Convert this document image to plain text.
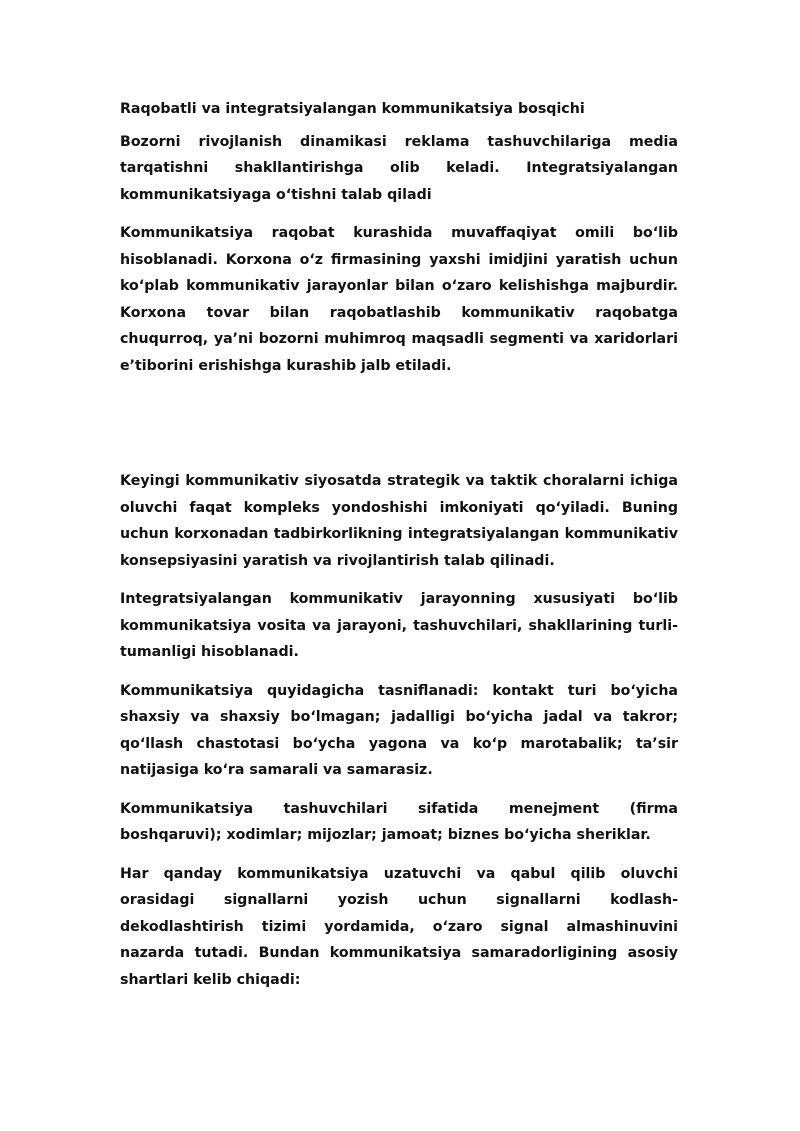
Raqobatli va integratsiyalangan kommunikatsiya bosqichi

Bozorni rivojlanish dinamikasi reklama tashuvchilariga media tarqatishni shakllantirishga olib keladi. Integratsiyalangan kommunikatsiyaga o‘tishni talab qiladi

Kommunikatsiya raqobat kurashida muvaffaqiyat omili bo‘lib hisoblanadi. Korxona o‘z firmasining yaxshi imidjini yaratish uchun ko‘plab kommunikativ jarayonlar bilan o‘zaro kelishishga majburdir. Korxona tovar bilan raqobatlashib kommunikativ raqobatga chuqurroq, ya’ni bozorni muhimroq maqsadli segmenti va xaridorlari e’tiborini erishishga kurashib jalb etiladi.

Keyingi kommunikativ siyosatda strategik va taktik choralarni ichiga oluvchi faqat kompleks yondoshishi imkoniyati qo‘yiladi. Buning uchun korxonadan tadbirkorlikning integratsiyalangan kommunikativ konsepsiyasini yaratish va rivojlantirish talab qilinadi.

Integratsiyalangan kommunikativ jarayonning xususiyati bo‘lib kommunikatsiya vosita va jarayoni, tashuvchilari, shakllarining turli-tumanligi hisoblanadi.

Kommunikatsiya quyidagicha tasniflanadi: kontakt turi bo‘yicha shaxsiy va shaxsiy bo‘lmagan; jadalligi bo‘yicha jadal va takror; qo‘llash chastotasi bo‘ycha yagona va ko‘p marotabalik; ta’sir natijasiga ko‘ra samarali va samarasiz.

Kommunikatsiya tashuvchilari sifatida menejment (firma boshqaruvi); xodimlar; mijozlar; jamoat; biznes bo‘yicha sheriklar.

Har qanday kommunikatsiya uzatuvchi va qabul qilib oluvchi orasidagi signallarni yozish uchun signallarni kodlash-dekodlashtirish tizimi yordamida, o‘zaro signal almashinuvini nazarda tutadi. Bundan kommunikatsiya samaradorligining asosiy shartlari kelib chiqadi:
